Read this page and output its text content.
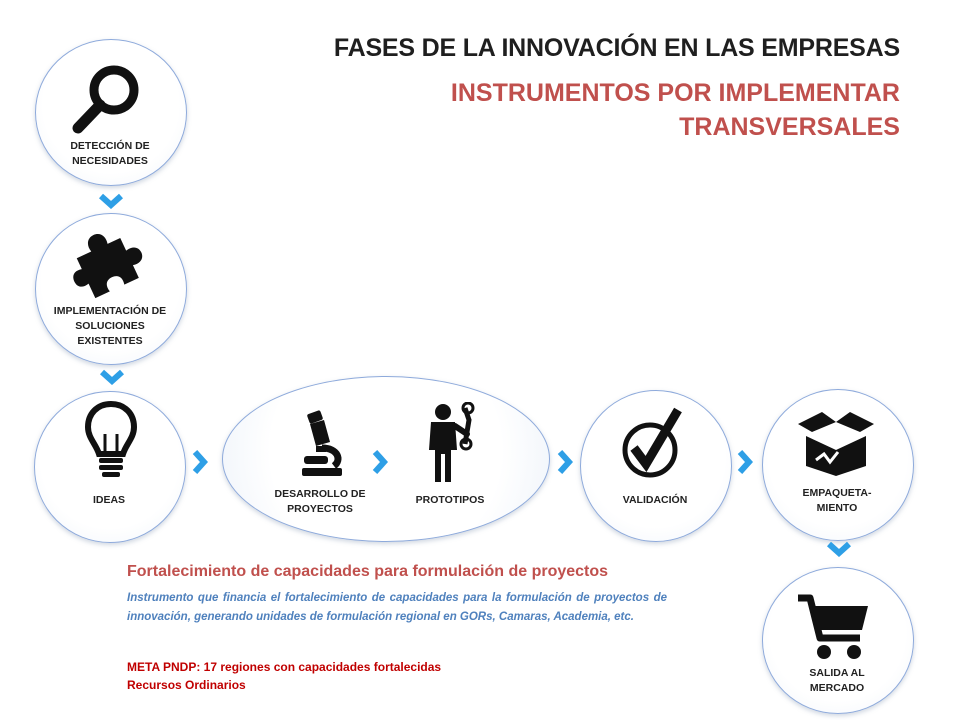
FASES DE LA INNOVACIÓN EN LAS EMPRESAS
INSTRUMENTOS POR IMPLEMENTAR
TRANSVERSALES
DETECCIÓN DE NECESIDADES
IMPLEMENTACIÓN DE SOLUCIONES EXISTENTES
IDEAS	DESARROLLO DE PROYECTOS
PROTOTIPOS	VALIDACIÓN
EMPAQUETA- MIENTO
SALIDA AL MERCADO
Fortalecimiento de capacidades para formulación de proyectos
Instrumento que financia el fortalecimiento de capacidades para la formulación de proyectos de innovación, generando unidades de formulación regional en GORs, Camaras, Academia, etc.
META PNDP: 17 regiones con capacidades fortalecidas
Recursos Ordinarios
